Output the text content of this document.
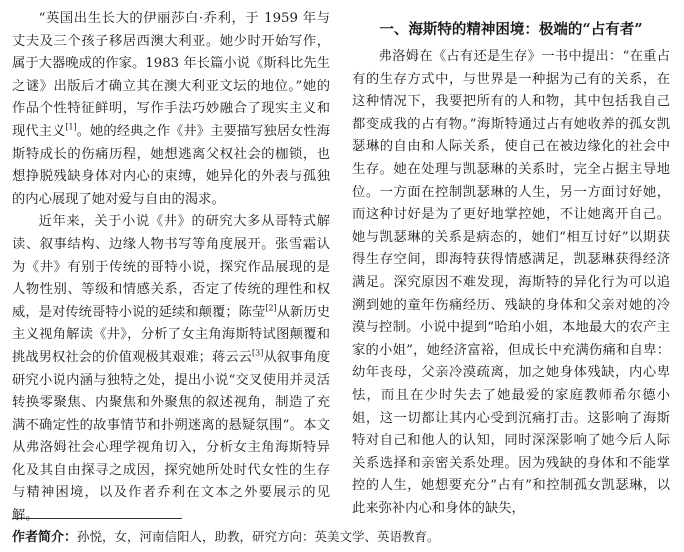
“英国出生长大的伊丽莎白·乔利，于 1959 年与丈夫及三个孩子移居西澳大利亚。她少时开始写作，属于大器晚成的作家。1983 年长篇小说《斯科比先生之谜》出版后才确立其在澳大利亚文坛的地位。”她的作品个性特征鲜明，写作手法巧妙融合了现实主义和现代主义[1]。她的经典之作《井》主要描写独居女性海斯特成长的伤痛历程，她想逃离父权社会的枷锁，也想挣脱残缺身体对内心的束缚，她异化的外表与孤独的内心展现了她对爱与自由的渴求。

近年来，关于小说《井》的研究大多从哥特式解读、叙事结构、边缘人物书写等角度展开。张雪霜认为《井》有别于传统的哥特小说，探究作品展现的是人物性别、等级和情感关系，否定了传统的理性和权威，是对传统哥特小说的延续和颠覆；陈莹[2]从新历史主义视角解读《井》，分析了女主角海斯特试图颠覆和挑战男权社会的价值观极其艰难；蒋云云[3]从叙事角度研究小说内涵与独特之处，提出小说“交叉使用并灵活转换零聚焦、内聚焦和外聚焦的叙述视角，制造了充满不确定性的故事情节和扑朔迷离的悬疑氛围”。本文从弗洛姆社会心理学视角切入，分析女主角海斯特异化及其自由探寻之成因，探究她所处时代女性的生存与精神困境，以及作者乔利在文本之外要展示的见解。

一、海斯特的精神困境：极端的“占有者”

弗洛姆在《占有还是生存》一书中提出：“在重占有的生存方式中，与世界是一种据为己有的关系，在这种情况下，我要把所有的人和物，其中包括我自己都变成我的占有物。”海斯特通过占有她收养的孤女凯瑟琳的自由和人际关系，使自己在被边缘化的社会中生存。她在处理与凯瑟琳的关系时，完全占据主导地位。一方面在控制凯瑟琳的人生，另一方面讨好她，而这种讨好是为了更好地掌控她，不让她离开自己。她与凯瑟琳的关系是病态的，她们“相互讨好”以期获得生存空间，即海特获得情感满足，凯瑟琳获得经济满足。深究原因不难发现，海斯特的异化行为可以追溯到她的童年伤痛经历、残缺的身体和父亲对她的冷漠与控制。小说中提到“哈珀小姐，本地最大的农产主家的小姐”，她经济富裕，但成长中充满伤痛和自卑：幼年丧母，父亲冷漠疏离，加之她身体残缺，内心卑怯，而且在少时失去了她最爱的家庭教师希尔德小姐，这一切都让其内心受到沉痛打击。这影响了海斯特对自己和他人的认知，同时深深影响了她今后人际关系选择和亲密关系处理。因为残缺的身体和不能掌控的人生，她想要充分“占有”和控制孤女凯瑟琳，以此来弥补内心和身体的缺失，

作者简介：孙悦，女，河南信阳人，助教，研究方向：英美文学、英语教育。
